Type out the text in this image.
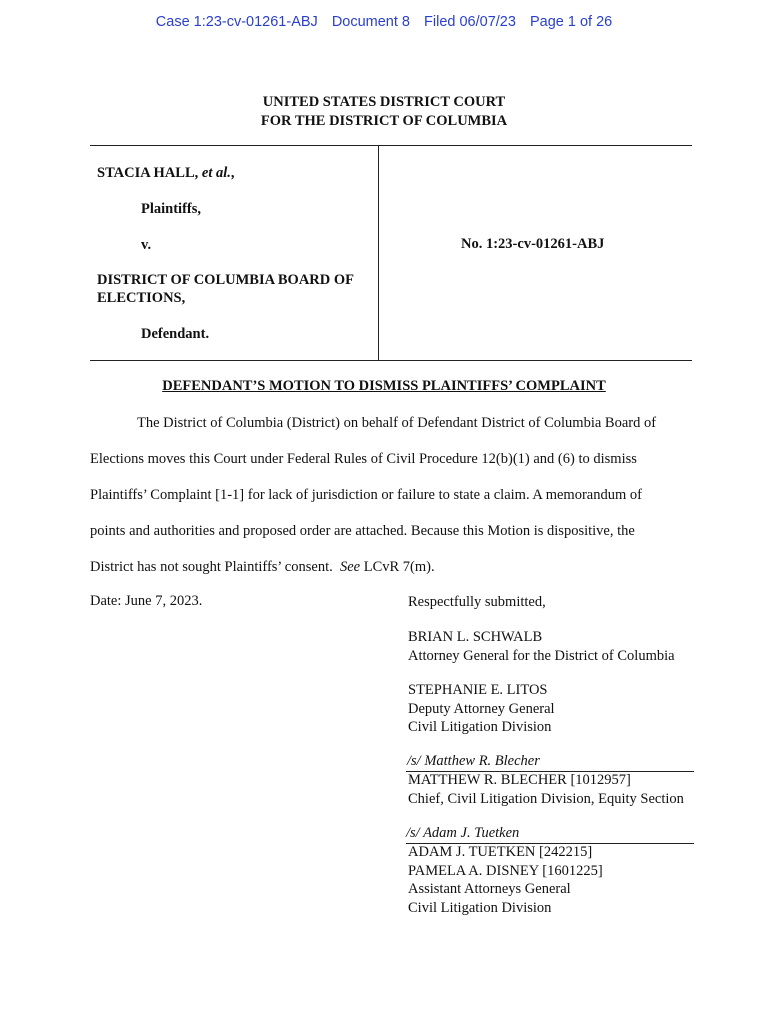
Case 1:23-cv-01261-ABJ Document 8 Filed 06/07/23 Page 1 of 26
UNITED STATES DISTRICT COURT
FOR THE DISTRICT OF COLUMBIA
STACIA HALL, et al.,
Plaintiffs,
v.
DISTRICT OF COLUMBIA BOARD OF
ELECTIONS,
Defendant.
No. 1:23-cv-01261-ABJ
DEFENDANT’S MOTION TO DISMISS PLAINTIFFS’ COMPLAINT

The District of Columbia (District) on behalf of Defendant District of Columbia Board of

Elections moves this Court under Federal Rules of Civil Procedure 12(b)(1) and (6) to dismiss
Plaintiffs’ Complaint [1-1] for lack of jurisdiction or failure to state a claim. A memorandum of
points and authorities and proposed order are attached. Because this Motion is dispositive, the
District has not sought Plaintiffs’ consent.  See LCvR 7(m).
Date: June 7, 2023.	Respectfully submitted,
BRIAN L. SCHWALB
Attorney General for the District of Columbia
STEPHANIE E. LITOS
Deputy Attorney General
Civil Litigation Division
/s/ Matthew R. Blecher
MATTHEW R. BLECHER [1012957]
Chief, Civil Litigation Division, Equity Section
/s/ Adam J. Tuetken
ADAM J. TUETKEN [242215]
PAMELA A. DISNEY [1601225]
Assistant Attorneys General
Civil Litigation Division
